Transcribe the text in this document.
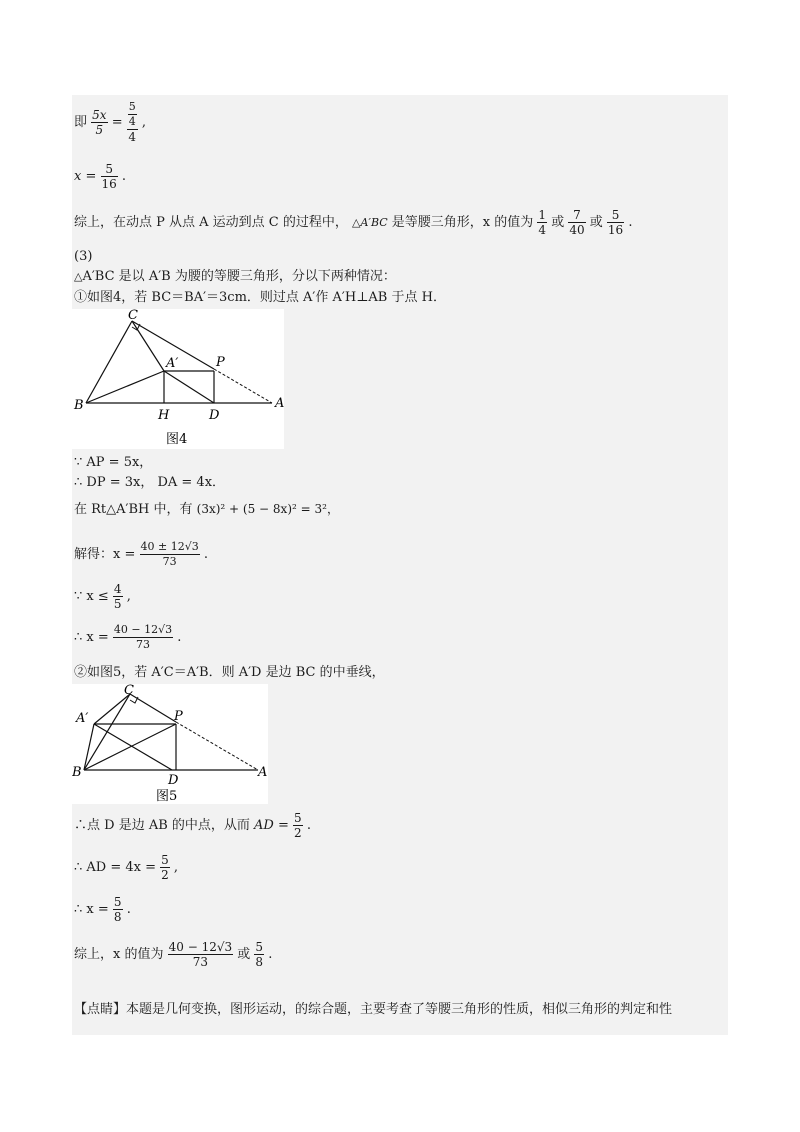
即 $\frac{5x}{5} = \frac{\frac{5}{4}}{4}$ ,
$x = \frac{5}{16}$ .
综上，在动点 P 从点 A 运动到点 C 的过程中， △A′BC 是等腰三角形，x 的值为 $\frac{1}{4}$ 或 $\frac{7}{40}$ 或 $\frac{5}{16}$ .
(3)
△A′BC 是以 A′B 为腰的等腰三角形，分以下两种情况：
①如图4，若 BC＝BA′＝3cm．则过点 A′作 A′H⊥AB 于点 H．
C
A′	P
B
H	D
A
图4
∵ AP = 5x，
∴ DP = 3x， DA = 4x．
在 Rt△A′BH 中，有 (3x)² + (5 − 8x)² = 3²，
解得：$x = \frac{40 \pm 12√3}{73}$ .
∵ $x \le \frac{4}{5}$ ,
∴ $x = \frac{40 - 12√3}{73}$ .
②如图5，若 A′C＝A′B．则 A′D 是边 BC 的中垂线，
C
A′	P
B
D
A
图5
∴点 D 是边 AB 的中点，从而 AD = $\frac{5}{2}$ .
∴ AD = $4x = \frac{5}{2}$ ,
∴ $x = \frac{5}{8}$ .
综上，x 的值为 $\frac{40 - 12√3}{73}$ 或 $\frac{5}{8}$ .
【点睛】本题是几何变换，图形运动，的综合题，主要考查了等腰三角形的性质，相似三角形的判定和性
